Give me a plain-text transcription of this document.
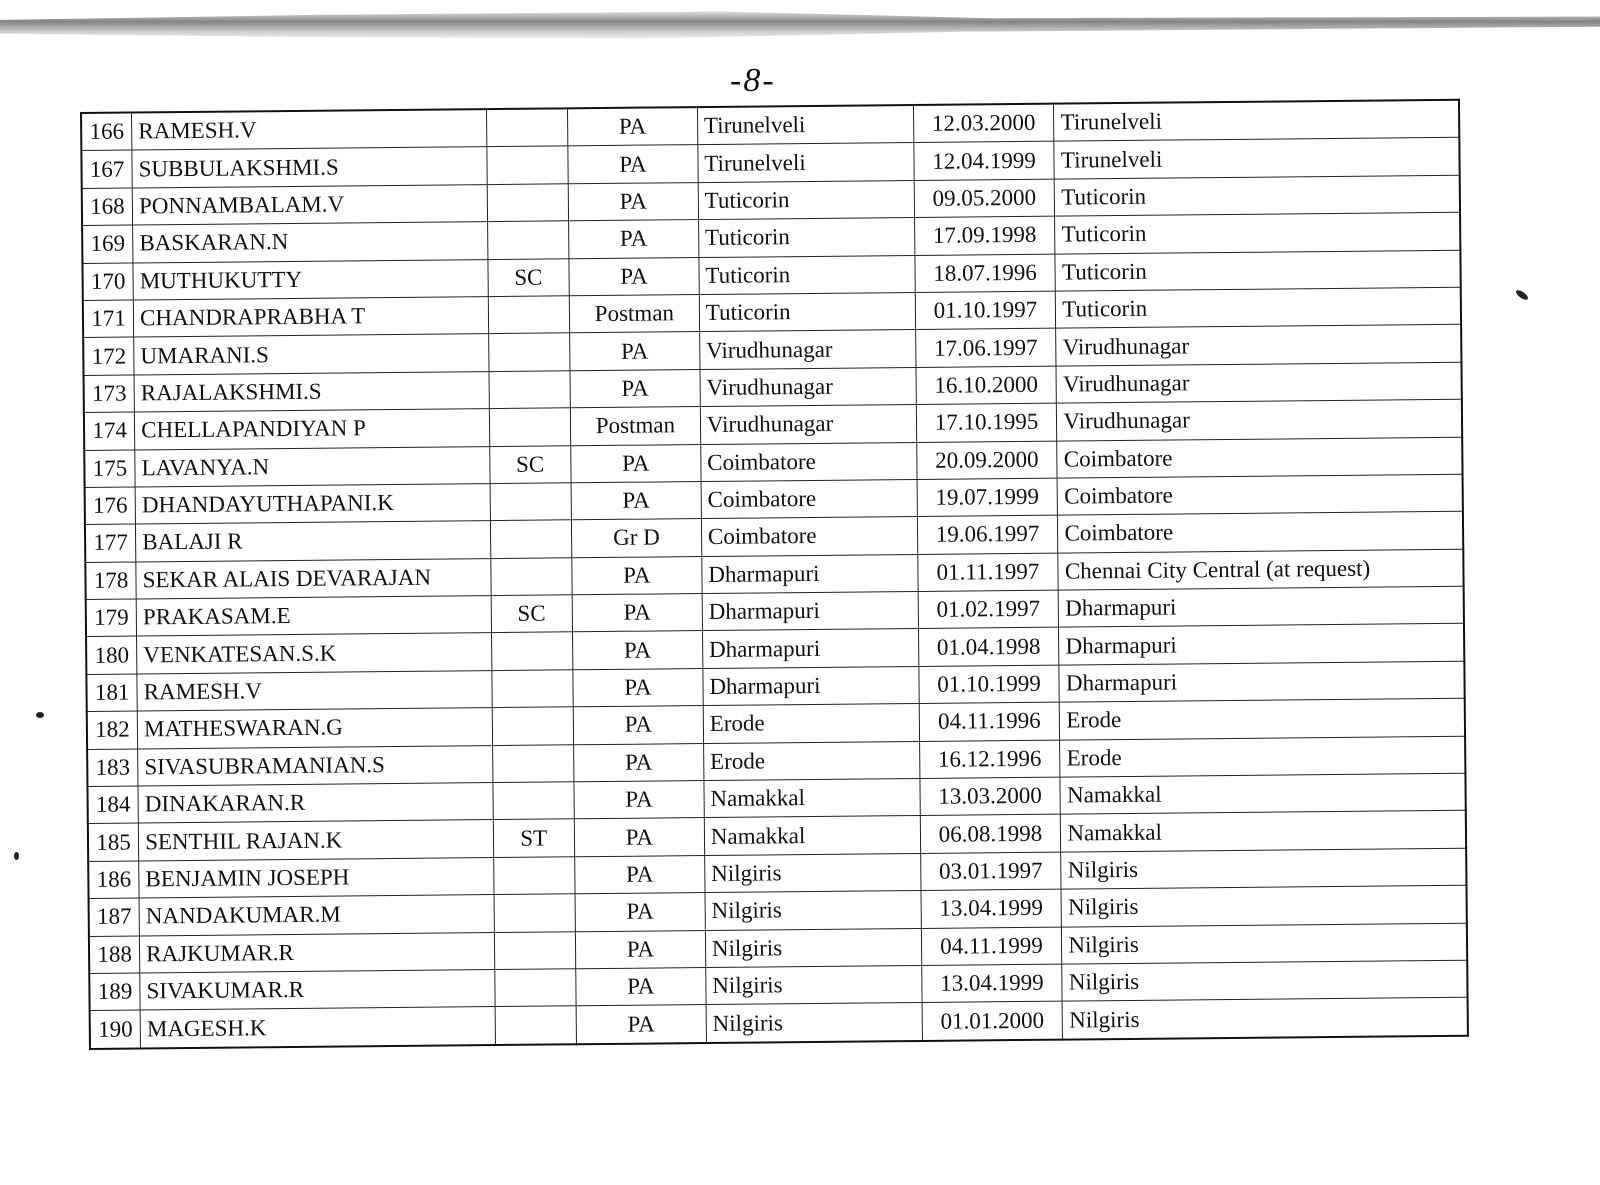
-8-
166	RAMESH.V		PA	Tirunelveli	12.03.2000	Tirunelveli
167	SUBBULAKSHMI.S		PA	Tirunelveli	12.04.1999	Tirunelveli
168	PONNAMBALAM.V		PA	Tuticorin	09.05.2000	Tuticorin
169	BASKARAN.N		PA	Tuticorin	17.09.1998	Tuticorin
170	MUTHUKUTTY	SC	PA	Tuticorin	18.07.1996	Tuticorin
171	CHANDRAPRABHA T		Postman	Tuticorin	01.10.1997	Tuticorin
172	UMARANI.S		PA	Virudhunagar	17.06.1997	Virudhunagar
173	RAJALAKSHMI.S		PA	Virudhunagar	16.10.2000	Virudhunagar
174	CHELLAPANDIYAN P		Postman	Virudhunagar	17.10.1995	Virudhunagar
175	LAVANYA.N	SC	PA	Coimbatore	20.09.2000	Coimbatore
176	DHANDAYUTHAPANI.K		PA	Coimbatore	19.07.1999	Coimbatore
177	BALAJI R		Gr D	Coimbatore	19.06.1997	Coimbatore
178	SEKAR ALAIS DEVARAJAN		PA	Dharmapuri	01.11.1997	Chennai City Central (at request)
179	PRAKASAM.E	SC	PA	Dharmapuri	01.02.1997	Dharmapuri
180	VENKATESAN.S.K		PA	Dharmapuri	01.04.1998	Dharmapuri
181	RAMESH.V		PA	Dharmapuri	01.10.1999	Dharmapuri
182	MATHESWARAN.G		PA	Erode	04.11.1996	Erode
183	SIVASUBRAMANIAN.S		PA	Erode	16.12.1996	Erode
184	DINAKARAN.R		PA	Namakkal	13.03.2000	Namakkal
185	SENTHIL RAJAN.K	ST	PA	Namakkal	06.08.1998	Namakkal
186	BENJAMIN JOSEPH		PA	Nilgiris	03.01.1997	Nilgiris
187	NANDAKUMAR.M		PA	Nilgiris	13.04.1999	Nilgiris
188	RAJKUMAR.R		PA	Nilgiris	04.11.1999	Nilgiris
189	SIVAKUMAR.R		PA	Nilgiris	13.04.1999	Nilgiris
190	MAGESH.K		PA	Nilgiris	01.01.2000	Nilgiris
